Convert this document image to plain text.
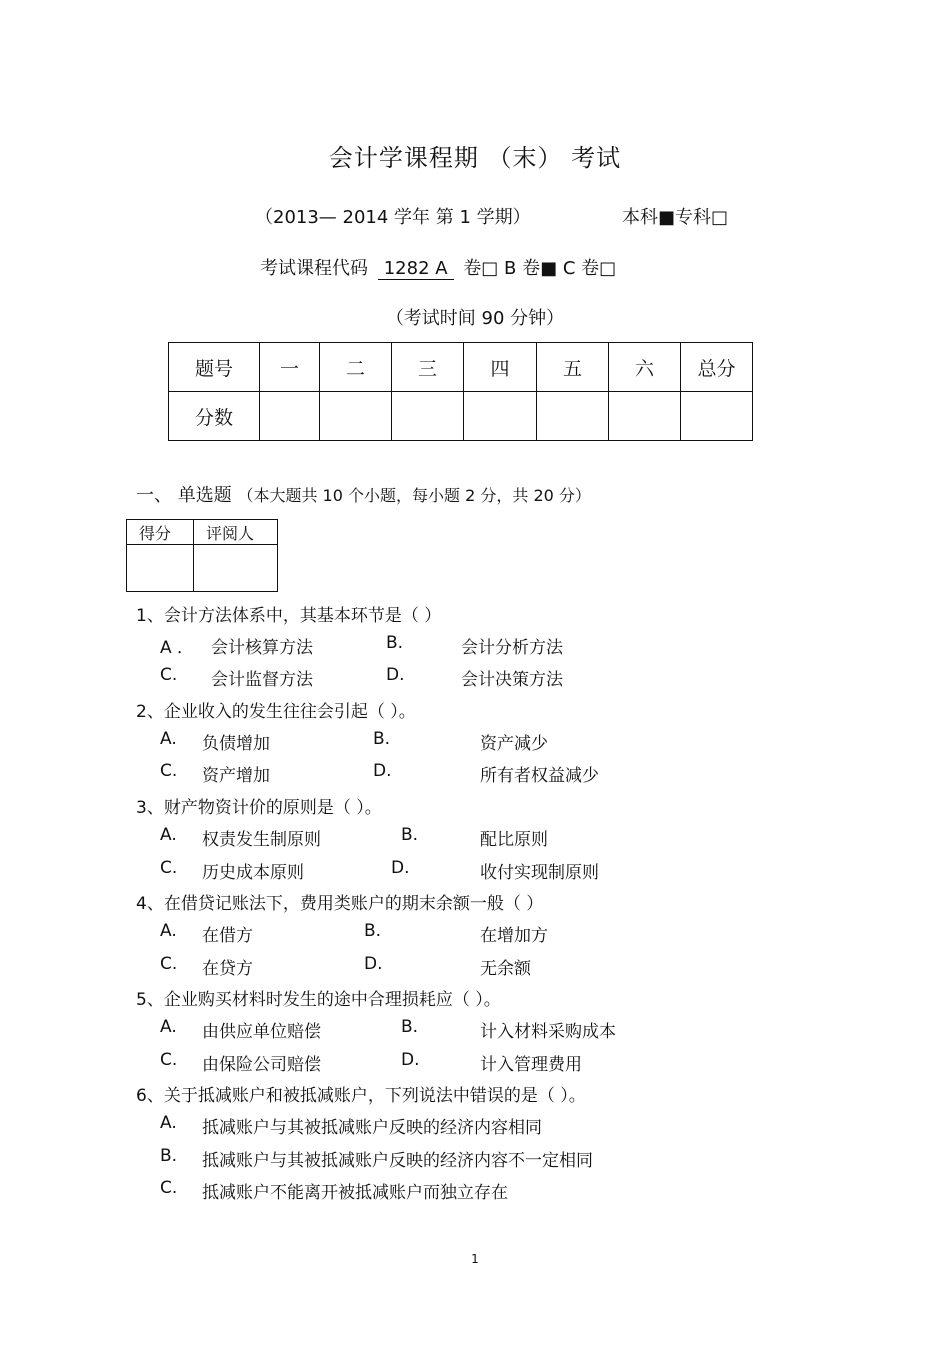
会计学课程期 （末） 考试
（2013— 2014 学年 第 1 学期）	本科■专科□
考试课程代码 1282 A 卷□ B 卷■ C 卷□
（考试时间 90 分钟）
题号	一	二	三	四	五	六	总分
分数							
一、 单选题 （本大题共 10 个小题，每小题 2 分，共 20 分）
得分	评阅人

1、会计方法体系中，其基本环节是（ ）
A ． 会计核算方法	B.	会计分析方法
C. 会计监督方法	D.	会计决策方法
2、企业收入的发生往往会引起（ ）。
A. 负债增加	B.	资产减少
C. 资产增加	D.	所有者权益减少
3、财产物资计价的原则是（ ）。
A. 权责发生制原则	B.	配比原则
C. 历史成本原则	D.	收付实现制原则
4、在借贷记账法下，费用类账户的期末余额一般（ ）
A. 在借方	B.	在增加方
C. 在贷方	D.	无余额
5、企业购买材料时发生的途中合理损耗应（ ）。
A. 由供应单位赔偿	B.	计入材料采购成本
C. 由保险公司赔偿	D.	计入管理费用
6、关于抵减账户和被抵减账户，下列说法中错误的是（ ）。
A. 抵减账户与其被抵减账户反映的经济内容相同
B. 抵减账户与其被抵减账户反映的经济内容不一定相同
C. 抵减账户不能离开被抵减账户而独立存在
1
